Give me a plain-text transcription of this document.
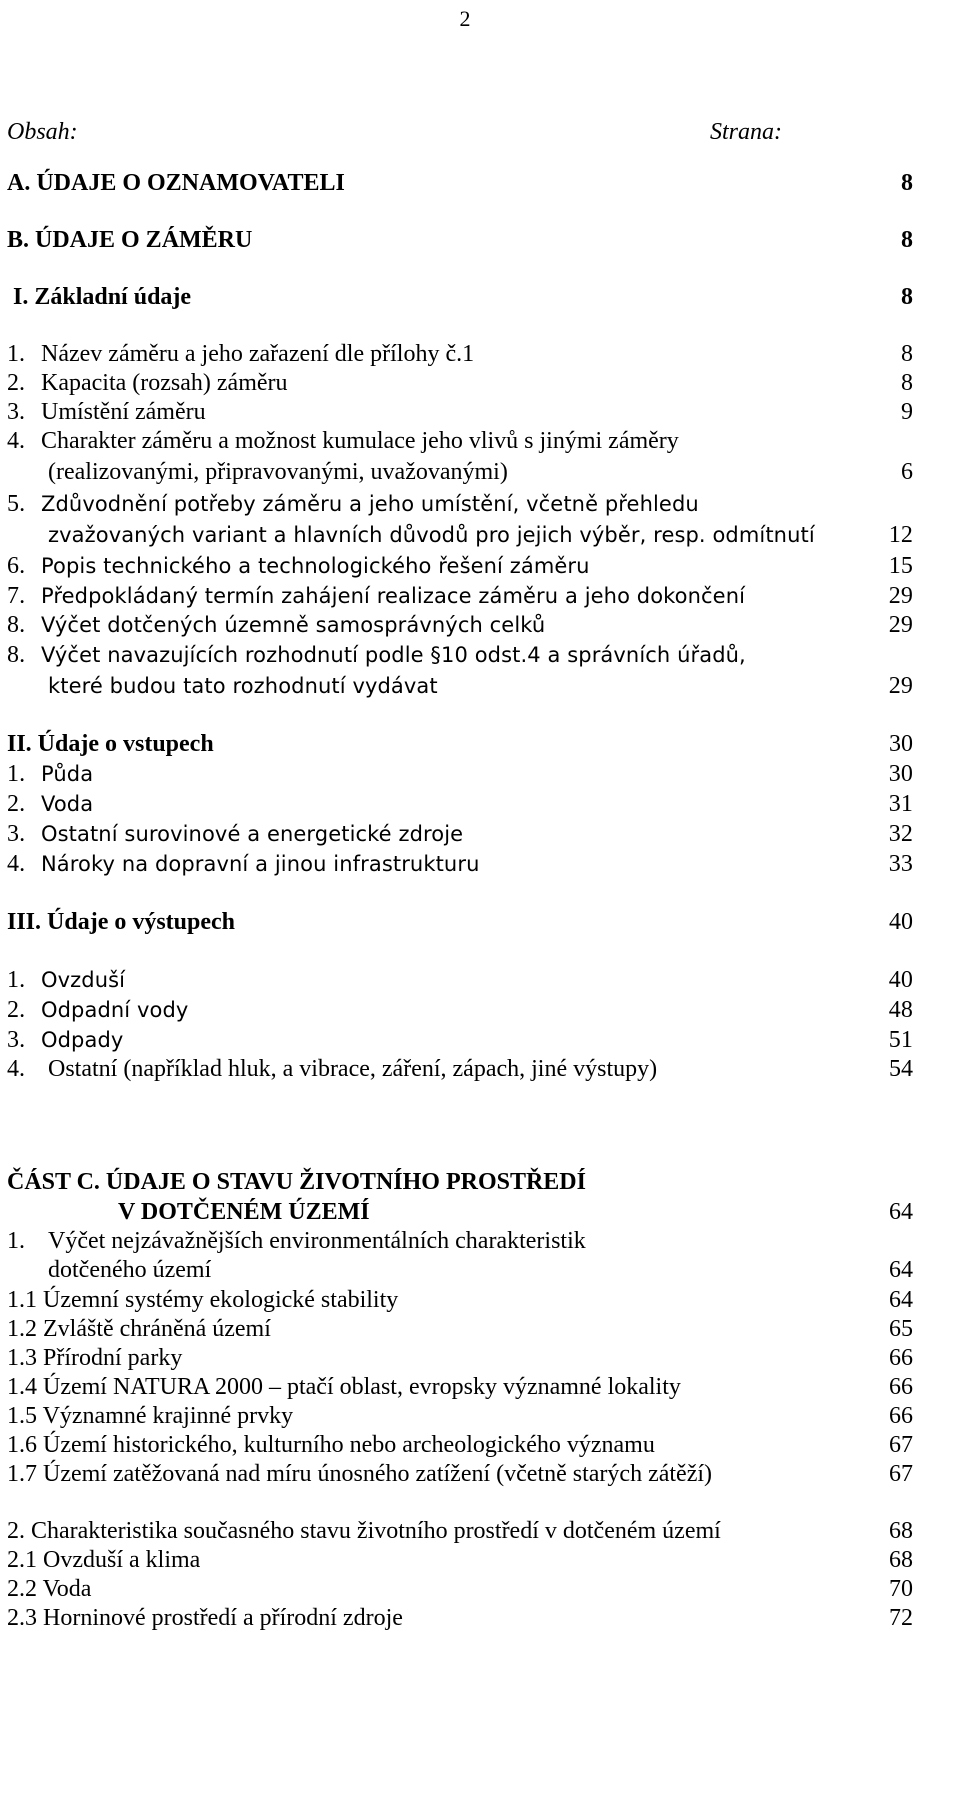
2
Obsah:	Strana:
A. ÚDAJE O OZNAMOVATELI	8
B. ÚDAJE O ZÁMĚRU	8
I. Základní údaje	8
1. Název záměru a jeho zařazení dle přílohy č.1	8
2. Kapacita (rozsah) záměru	8
3. Umístění záměru	9
4. Charakter záměru a možnost kumulace jeho vlivů s jinými záměry
(realizovanými, připravovanými, uvažovanými)	6
5. Zdůvodnění potřeby záměru a jeho umístění, včetně přehledu
zvažovaných variant a hlavních důvodů pro jejich výběr, resp. odmítnutí	12
6. Popis technického a technologického řešení záměru	15
7. Předpokládaný termín zahájení realizace záměru a jeho dokončení	29
8. Výčet dotčených územně samosprávných celků	29
8. Výčet navazujících rozhodnutí podle §10 odst.4 a správních úřadů,
které budou tato rozhodnutí vydávat	29
II. Údaje o vstupech	30
1. Půda	30
2. Voda	31
3. Ostatní surovinové a energetické zdroje	32
4. Nároky na dopravní a jinou infrastrukturu	33
III. Údaje o výstupech	40
1. Ovzduší	40
2. Odpadní vody	48
3. Odpady	51
4. Ostatní (například hluk, a vibrace, záření, zápach, jiné výstupy)	54
ČÁST C. ÚDAJE O STAVU ŽIVOTNÍHO PROSTŘEDÍ
V DOTČENÉM ÚZEMÍ	64
1. Výčet nejzávažnějších environmentálních charakteristik
dotčeného území	64
1.1 Územní systémy ekologické stability	64
1.2 Zvláště chráněná území	65
1.3 Přírodní parky	66
1.4 Území NATURA 2000 – ptačí oblast, evropsky významné lokality	66
1.5 Významné krajinné prvky	66
1.6 Území historického, kulturního nebo archeologického významu	67
1.7 Území zatěžovaná nad míru únosného zatížení (včetně starých zátěží)	67
2. Charakteristika současného stavu životního prostředí v dotčeném území	68
2.1 Ovzduší a klima	68
2.2 Voda	70
2.3 Horninové prostředí a přírodní zdroje	72
